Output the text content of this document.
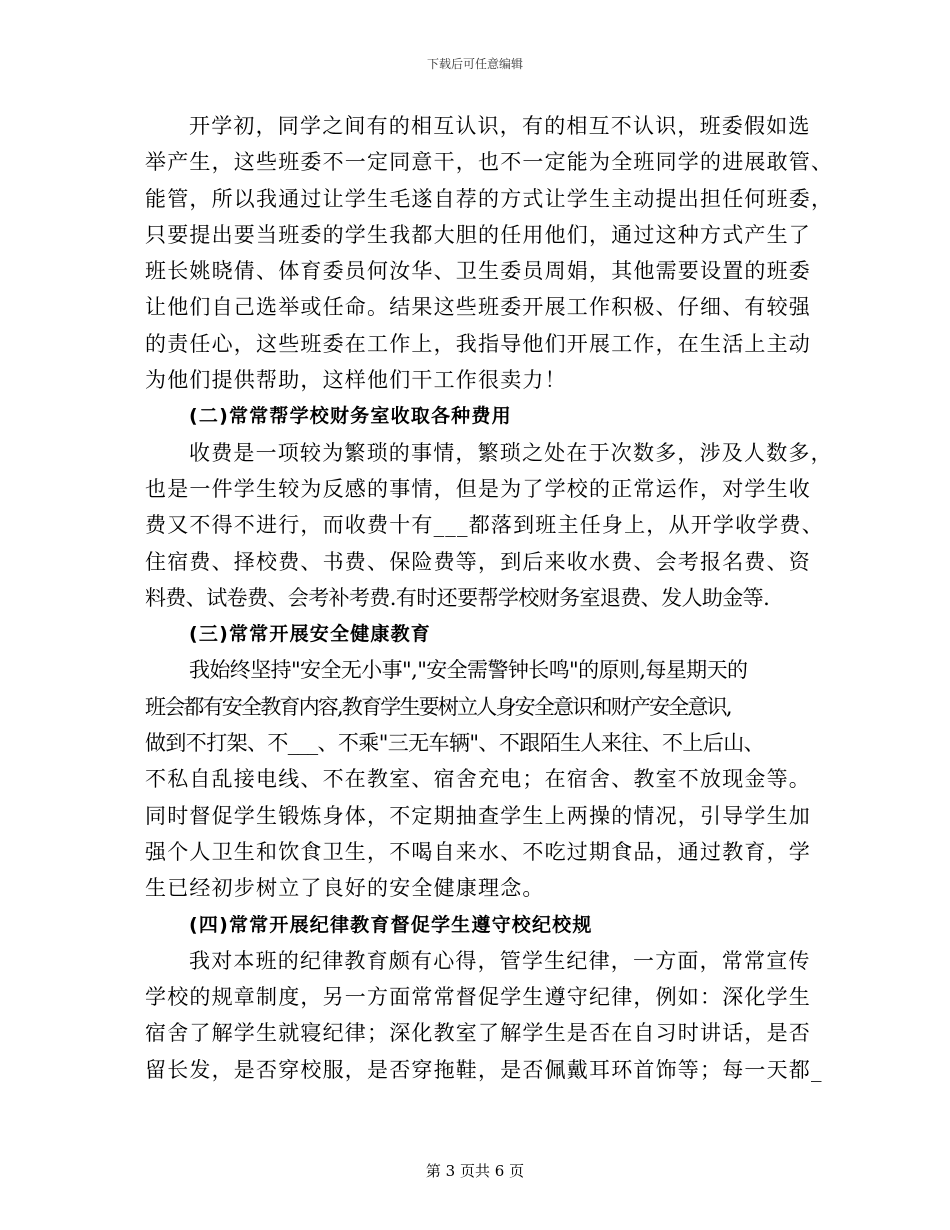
下载后可任意编辑
开学初，同学之间有的相互认识，有的相互不认识，班委假如选
举产生，这些班委不一定同意干，也不一定能为全班同学的进展敢管、
能管，所以我通过让学生毛遂自荐的方式让学生主动提出担任何班委，
只要提出要当班委的学生我都大胆的任用他们，通过这种方式产生了
班长姚晓倩、体育委员何汝华、卫生委员周娟，其他需要设置的班委
让他们自己选举或任命。结果这些班委开展工作积极、仔细、有较强
的责任心，这些班委在工作上，我指导他们开展工作，在生活上主动
为他们提供帮助，这样他们干工作很卖力！
(二)常常帮学校财务室收取各种费用
收费是一项较为繁琐的事情，繁琐之处在于次数多，涉及人数多，
也是一件学生较为反感的事情，但是为了学校的正常运作，对学生收
费又不得不进行，而收费十有___都落到班主任身上，从开学收学费、
住宿费、择校费、书费、保险费等，到后来收水费、会考报名费、资
料费、试卷费、会考补考费.有时还要帮学校财务室退费、发人助金等.
(三)常常开展安全健康教育
我始终坚持"安全无小事","安全需警钟长鸣"的原则,每星期天的
班会都有安全教育内容,教育学生要树立人身安全意识和财产安全意识,
做到不打架、不___、不乘"三无车辆"、不跟陌生人来往、不上后山、
不私自乱接电线、不在教室、宿舍充电；在宿舍、教室不放现金等。
同时督促学生锻炼身体，不定期抽查学生上两操的情况，引导学生加
强个人卫生和饮食卫生，不喝自来水、不吃过期食品，通过教育，学
生已经初步树立了良好的安全健康理念。
(四)常常开展纪律教育督促学生遵守校纪校规
我对本班的纪律教育颇有心得，管学生纪律，一方面，常常宣传
学校的规章制度，另一方面常常督促学生遵守纪律，例如：深化学生
宿舍了解学生就寝纪律；深化教室了解学生是否在自习时讲话，是否
留长发，是否穿校服，是否穿拖鞋，是否佩戴耳环首饰等；每一天都_
第 3 页共 6 页
